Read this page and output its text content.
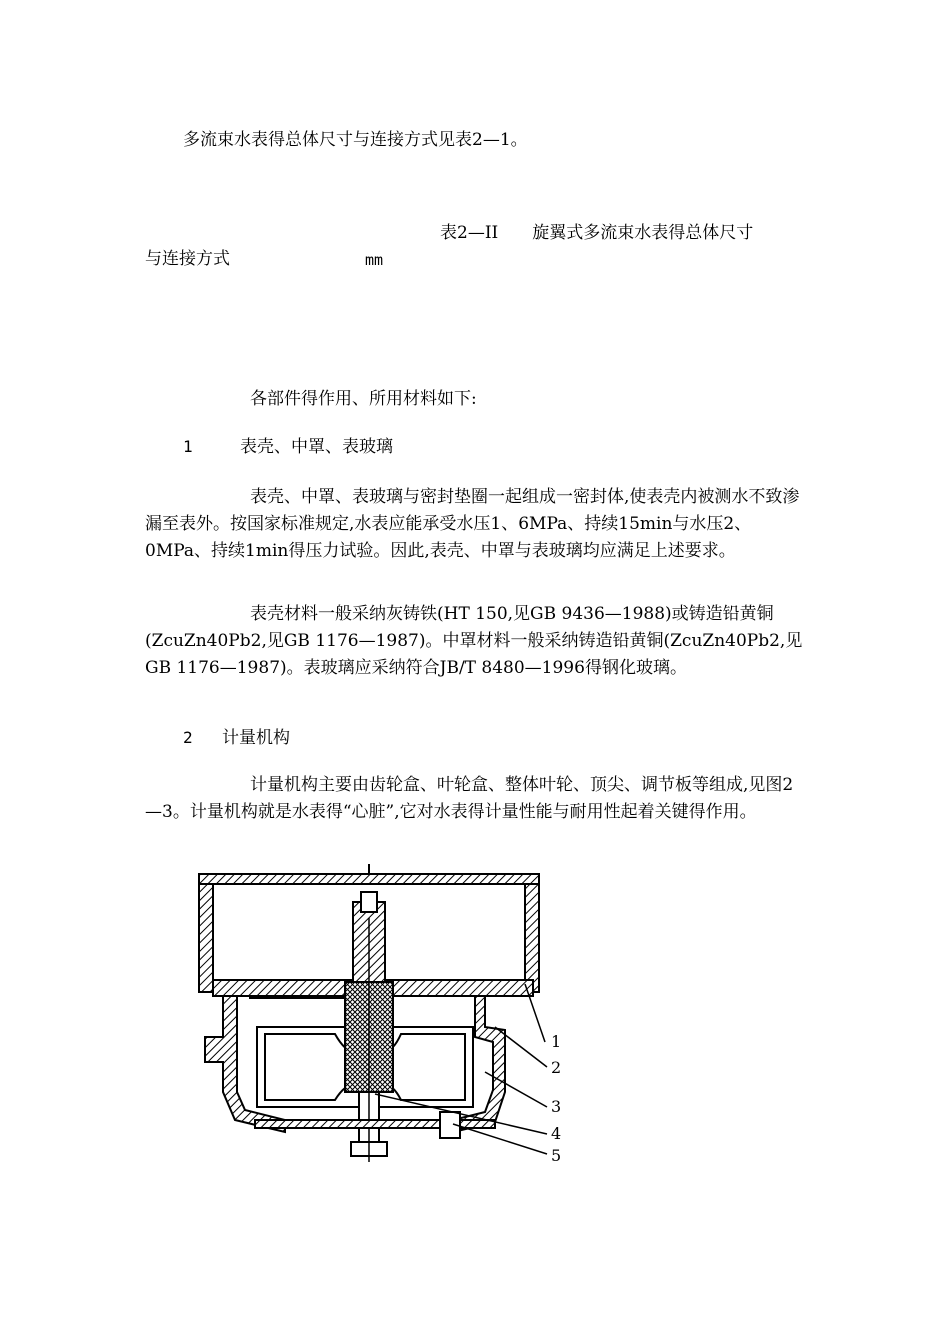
多流束水表得总体尺寸与连接方式见表2—1。
表2—II　　旋翼式多流束水表得总体尺寸
与连接方式	mm
各部件得作用、所用材料如下:
1	表壳、中罩、表玻璃
表壳、中罩、表玻璃与密封垫圈一起组成一密封体,使表壳内被测水不致渗漏至表外。按国家标准规定,水表应能承受水压1、6MPa、持续15min与水压2、0MPa、持续1min得压力试验。因此,表壳、中罩与表玻璃均应满足上述要求。
表壳材料一般采纳灰铸铁(HT 150,见GB 9436—1988)或铸造铅黄铜(ZcuZn40Pb2,见GB 1176—1987)。中罩材料一般采纳铸造铅黄铜(ZcuZn40Pb2,见GB 1176—1987)。表玻璃应采纳符合JB/T 8480—1996得钢化玻璃。
2 计量机构
计量机构主要由齿轮盒、叶轮盒、整体叶轮、顶尖、调节板等组成,见图2—3。计量机构就是水表得“心脏”,它对水表得计量性能与耐用性起着关键得作用。
1
2
3
4
5
